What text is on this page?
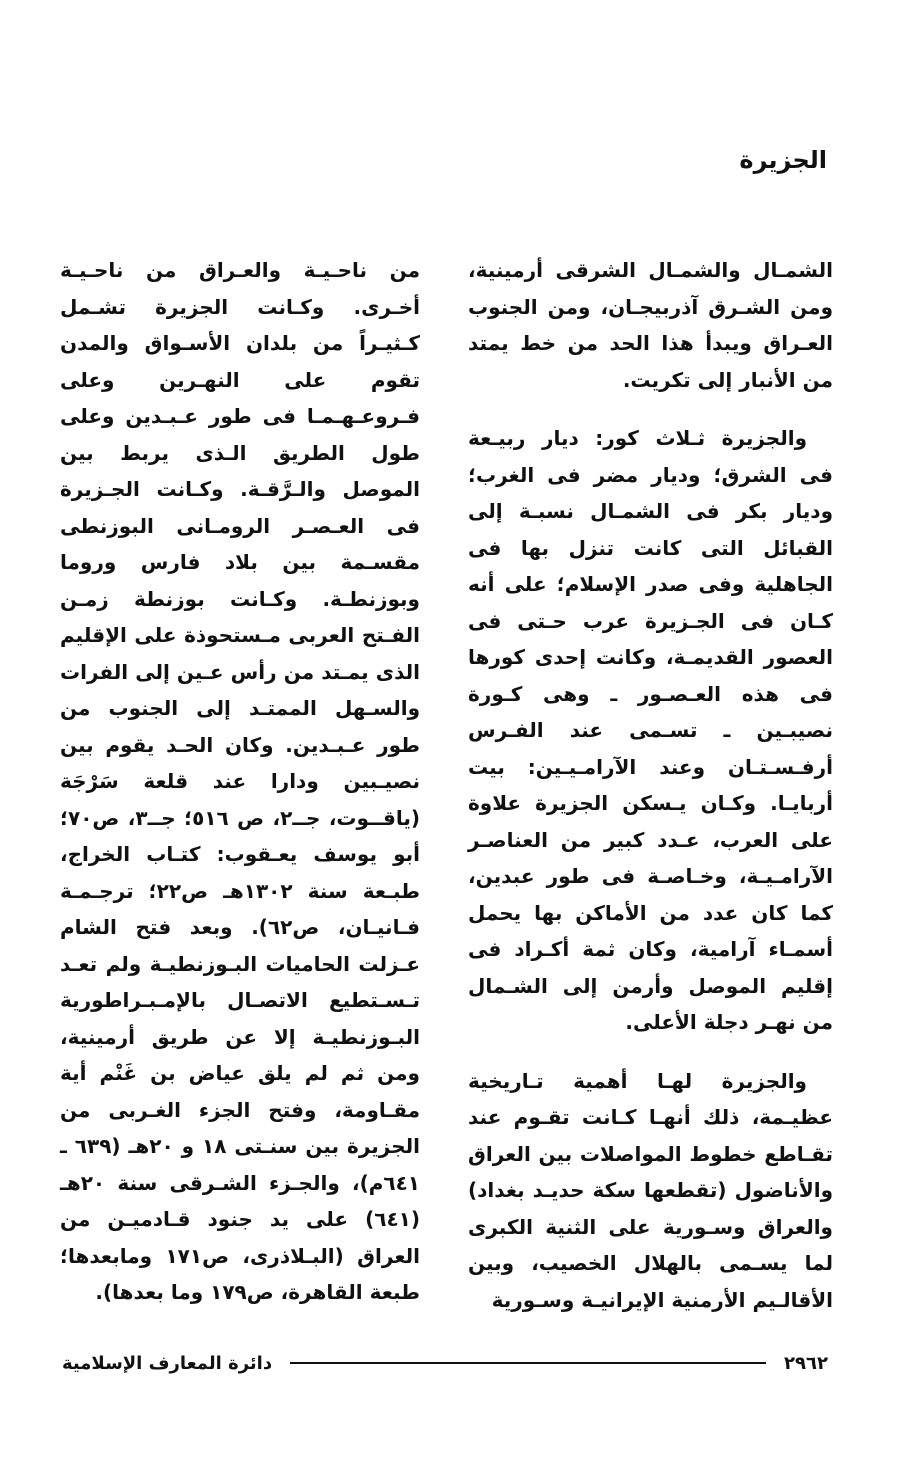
الجزيرة

الشمـال والشمـال الشرقى أرمينية، ومن الشـرق آذربيجـان، ومن الجنوب العـراق ويبدأ هذا الحد من خط يمتد من الأنبار إلى تكريت.

والجزيرة ثـلاث كور: ديار ربيـعة فى الشرق؛ وديار مضر فى الغرب؛ وديار بكر فى الشمـال نسبـة إلى القبائل التى كانت تنزل بها فى الجاهلية وفى صدر الإسلام؛ على أنه كـان فى الجـزيرة عرب حـتى فى العصور القديمـة، وكانت إحدى كورها فى هذه العـصـور ـ وهى كـورة نصيبـين ـ تسـمى عند الفـرس أرفـسـتـان وعند الآرامـيـين: بيت أربايـا. وكـان يـسكن الجزيرة علاوة على العرب، عـدد كبير من العناصـر الآرامـيـة، وخـاصـة فى طور عبدين، كما كان عدد من الأماكن بها يحمل أسمـاء آرامية، وكان ثمة أكـراد فى إقليم الموصل وأرمن إلى الشـمال من نهـر دجلة الأعلى.

والجزيرة لهـا أهمية تـاريخية عظيـمة، ذلك أنهـا كـانت تقـوم عند تقـاطع خطوط المواصلات بين العراق والأناضول (تقطعها سكة حديـد بغداد) والعراق وسـورية على الثنية الكبرى لما يسـمى بالهلال الخصيب، وبين الأقالـيم الأرمنية الإيرانيـة وسـورية

من ناحـيـة والعـراق من ناحـيـة أخـرى. وكـانت الجزيرة تشـمل كـثيـراً من بلدان الأسـواق والمدن تقوم على النهـرين وعلى فـروعـهـمـا فى طور عـبـدين وعلى طول الطريق الـذى يربط بين الموصل والـرَّقـة. وكـانت الجـزيرة فى العـصـر الرومـانى البوزنطى مقسـمة بين بلاد فارس وروما وبوزنطـة. وكـانت بوزنطة زمـن الفـتح العربى مـستحوذة على الإقليم الذى يمـتد من رأس عـين إلى الفرات والسـهل الممتـد إلى الجنوب من طور عـبـدين. وكان الحـد يقوم بين نصيـبين ودارا عند قلعة سَرْجَة (ياقــوت، جــ٢، ص ٥١٦؛ جــ٣، ص٧٠؛ أبو يوسف يعـقوب: كتـاب الخراج، طبـعة سنة ١٣٠٢هـ ص٢٢؛ ترجـمـة فـانيـان، ص٦٢). وبعد فتح الشام عـزلت الحاميات البـوزنطيـة ولم تعـد تـسـتطيع الاتصـال بالإمـبـراطورية البـوزنطيـة إلا عن طريق أرمينية، ومن ثم لم يلق عياض بن غَنْم أية مقـاومة، وفتح الجزء الغـربى من الجزيرة بين سنـتى ١٨ و ٢٠هـ (٦٣٩ ـ ٦٤١م)، والجـزء الشـرقى سنة ٢٠هـ (٦٤١) على يد جنود قـادميـن من العراق (البـلاذرى، ص١٧١ ومابعدها؛ طبعة القاهرة، ص١٧٩ وما بعدها).

٢٩٦٢
دائرة المعارف الإسلامية
